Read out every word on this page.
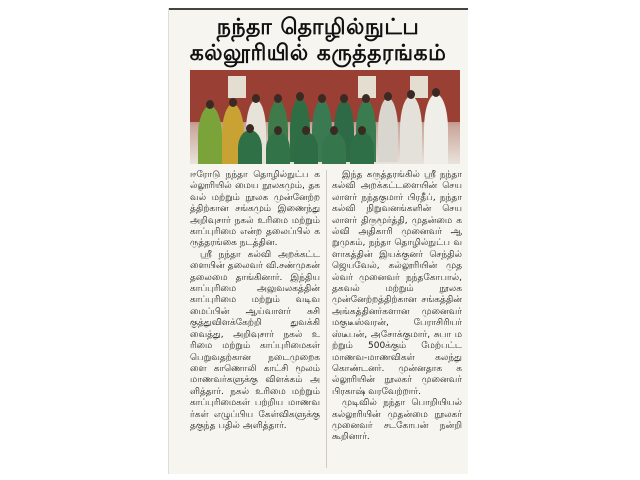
நந்தா தொழில்நுட்ப
கல்லூரியில் கருத்தரங்கம்

ஈரோடு நந்தா தொழில்நுட்ப கல்லூரியில் மைய நூலகமும், தகவல் மற்றும் நூலக முன்னேற்றத்திற்கான சங்கமும் இணைந்து அறிவுசார் நகல் உரிமை மற்றும் காப்புரிமை என்ற தலைப்பில் கருத்தரங்கை நடத்தின.

ஸ்ரீ நந்தா கல்வி அறக்கட்டளையின் தலைவர் வி.சண்முகன் தலைமை தாங்கினார். இந்திய காப்புரிமை அலுவலகத்தின் காப்புரிமை மற்றும் வடிவமைப்பின் ஆய்வாளர் சுசி குத்துவிளக்கேற்றி துவக்கி வைத்து, அறிவுசார் நகல் உரிமை மற்றும் காப்புரிமைகள் பெறுவதற்கான நடைமுறைகளை காணொலி காட்சி மூலம் மாணவர்களுக்கு விளக்கம் அளித்தார். நகல் உரிமை மற்றும் காப்புரிமைகள் பற்றிய மாணவர்கள் எழுப்பிய கேள்விகளுக்கு தகுந்த பதில் அளித்தார்.

இந்த கருத்தரங்கில் ஸ்ரீ நந்தா கல்வி அறக்கட்டளையின் செயலாளர் நந்தகுமார் பிரதீப், நந்தா கல்வி நிறுவனங்களின் செயலாளர் திருமூர்த்தி, முதன்மை கல்வி அதிகாரி முனைவர் ஆறுமுகம், நந்தா தொழில்நுட்ப வளாகத்தின் இயக்குனர் செந்தில் ஜெயவேல், கல்லூரியின் முதல்வர் முனைவர் நந்தகோபால், தகவல் மற்றும் நூலக முன்னேற்றத்திற்கான சங்கத்தின் அங்கத்தினர்களான முனைவர் மகுடீஸ்வரன், பேராசிரியர் ஸ்டீபன், அசோக்குமார், சுபா மற்றும் 500க்கும் மேற்பட்ட மாணவ-மாணவிகள் கலந்து கொண்டனர். முன்னதாக கல்லூரியின் நூலகர் முனைவர் பிரகாஷ் வரவேற்றார்.

முடிவில் நந்தா பொறியியல் கல்லூரியின் முதன்மை நூலகர் முனைவர் சடகோபன் நன்றி கூறினார்.
